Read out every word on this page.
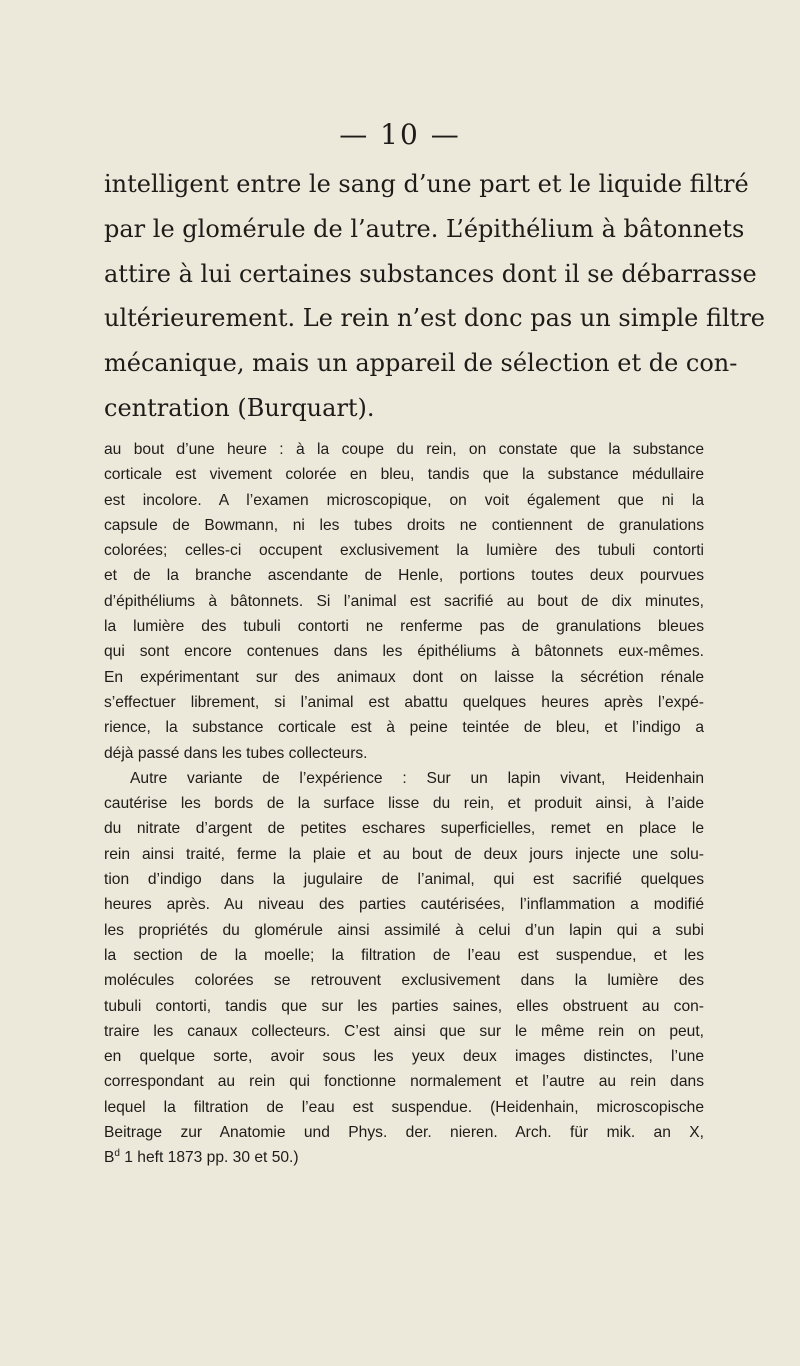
— 10 —
intelligent entre le sang d’une part et le liquide filtré
par le glomérule de l’autre. L’épithélium à bâtonnets
attire à lui certaines substances dont il se débarrasse
ultérieurement. Le rein n’est donc pas un simple filtre
mécanique, mais un appareil de sélection et de con-
centration (Burquart).
au bout d’une heure : à la coupe du rein, on constate que la substance
corticale est vivement colorée en bleu, tandis que la substance médullaire
est incolore. A l’examen microscopique, on voit également que ni la
capsule de Bowmann, ni les tubes droits ne contiennent de granulations
colorées; celles-ci occupent exclusivement la lumière des tubuli contorti
et de la branche ascendante de Henle, portions toutes deux pourvues
d’épithéliums à bâtonnets. Si l’animal est sacrifié au bout de dix minutes,
la lumière des tubuli contorti ne renferme pas de granulations bleues
qui sont encore contenues dans les épithéliums à bâtonnets eux-mêmes.
En expérimentant sur des animaux dont on laisse la sécrétion rénale
s’effectuer librement, si l’animal est abattu quelques heures après l’expé-
rience, la substance corticale est à peine teintée de bleu, et l’indigo a
déjà passé dans les tubes collecteurs.
Autre variante de l’expérience : Sur un lapin vivant, Heidenhain
cautérise les bords de la surface lisse du rein, et produit ainsi, à l’aide
du nitrate d’argent de petites eschares superficielles, remet en place le
rein ainsi traité, ferme la plaie et au bout de deux jours injecte une solu-
tion d’indigo dans la jugulaire de l’animal, qui est sacrifié quelques
heures après. Au niveau des parties cautérisées, l’inflammation a modifié
les propriétés du glomérule ainsi assimilé à celui d’un lapin qui a subi
la section de la moelle; la filtration de l’eau est suspendue, et les
molécules colorées se retrouvent exclusivement dans la lumière des
tubuli contorti, tandis que sur les parties saines, elles obstruent au con-
traire les canaux collecteurs. C’est ainsi que sur le même rein on peut,
en quelque sorte, avoir sous les yeux deux images distinctes, l’une
correspondant au rein qui fonctionne normalement et l’autre au rein dans
lequel la filtration de l’eau est suspendue. (Heidenhain, microscopische
Beitrage zur Anatomie und Phys. der. nieren. Arch. für mik. an X,
$B^d$ 1 heft 1873 pp. 30 et 50.)
